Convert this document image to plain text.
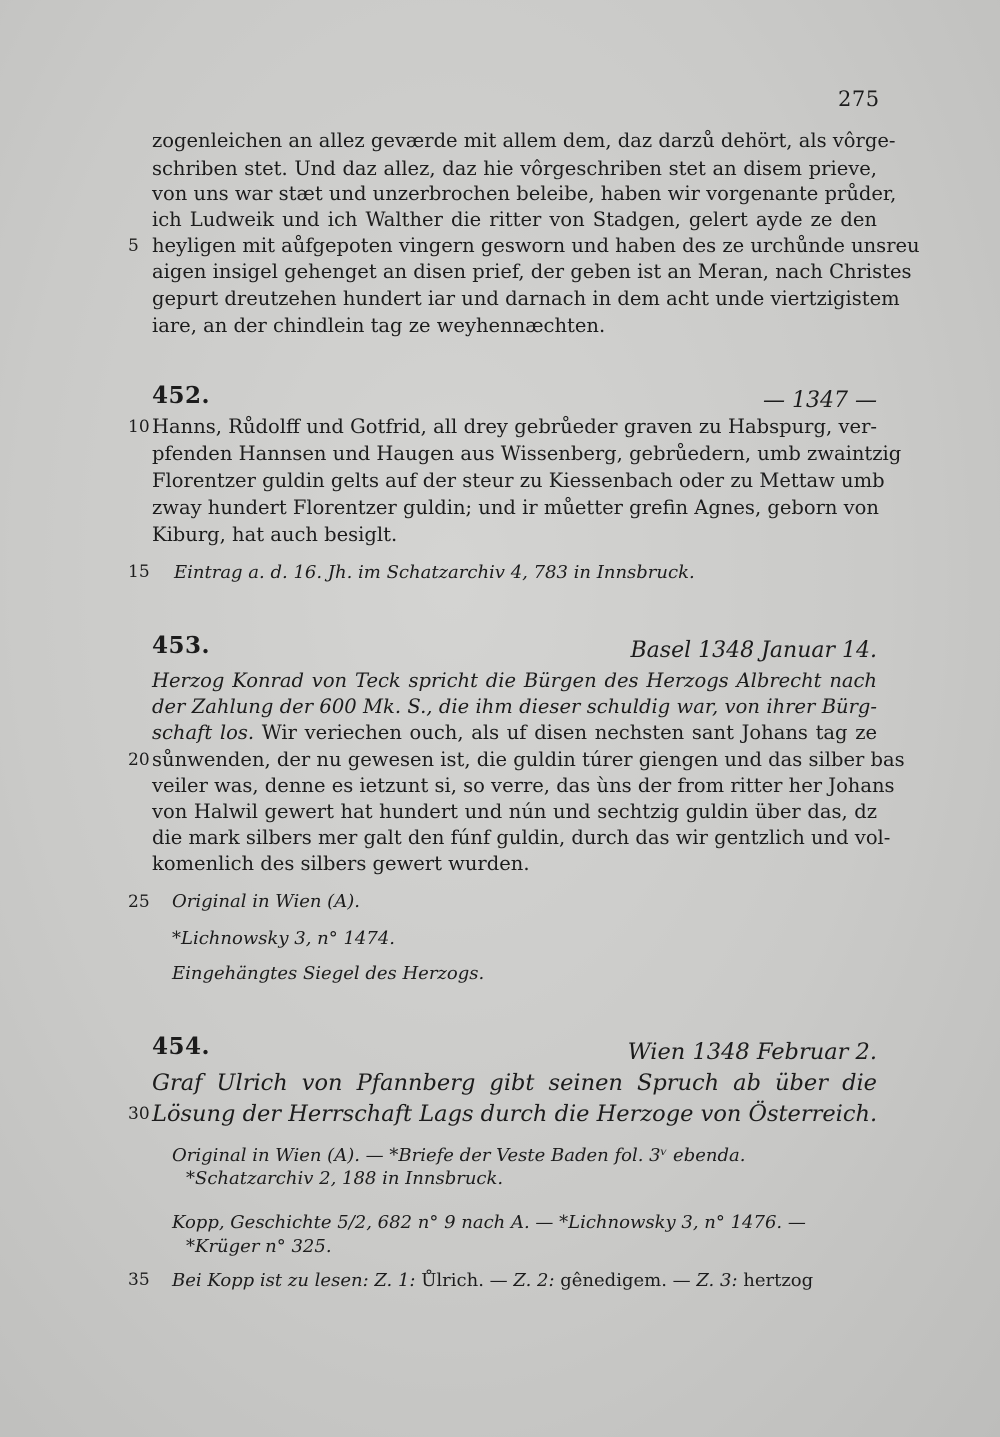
275
zogenleichen an allez geværde mit allem dem, daz darzů dehört, als vôrge-
schriben stet. Und daz allez, daz hie vôrgeschriben stet an disem prieve,
von uns war stæt und unzerbrochen beleibe, haben wir vorgenante průder,
ich Ludweik und ich Walther die ritter von Stadgen, gelert ayde ze den
5 heyligen mit aůfgepoten vingern gesworn und haben des ze urchůnde unsreu
aigen insigel gehenget an disen prief, der geben ist an Meran, nach Christes
gepurt dreutzehen hundert iar und darnach in dem acht unde viertzigistem
iare, an der chindlein tag ze weyhennæchten.
452.	— 1347 —
10 Hanns, Růdolff und Gotfrid, all drey gebrůeder graven zu Habspurg, ver-
pfenden Hannsen und Haugen aus Wissenberg, gebrůedern, umb zwaintzig
Florentzer guldin gelts auf der steur zu Kiessenbach oder zu Mettaw umb
zway hundert Florentzer guldin; und ir můetter grefin Agnes, geborn von
Kiburg, hat auch besiglt.
15 Eintrag a. d. 16. Jh. im Schatzarchiv 4, 783 in Innsbruck.
453.	Basel 1348 Januar 14.
Herzog Konrad von Teck spricht die Bürgen des Herzogs Albrecht nach
der Zahlung der 600 Mk. S., die ihm dieser schuldig war, von ihrer Bürg-
schaft los. Wir veriechen ouch, als uf disen nechsten sant Johans tag ze
20 sůnwenden, der nu gewesen ist, die guldin túrer giengen und das silber bas
veiler was, denne es ietzunt si, so verre, das ùns der from ritter her Johans
von Halwil gewert hat hundert und nún und sechtzig guldin über das, dz
die mark silbers mer galt den fúnf guldin, durch das wir gentzlich und vol-
komenlich des silbers gewert wurden.
25 Original in Wien (A).
*Lichnowsky 3, n° 1474.
Eingehängtes Siegel des Herzogs.
454.	Wien 1348 Februar 2.
Graf Ulrich von Pfannberg gibt seinen Spruch ab über die
30 Lösung der Herrschaft Lags durch die Herzoge von Österreich.
Original in Wien (A). — *Briefe der Veste Baden fol. 3ᵛ ebenda.
*Schatzarchiv 2, 188 in Innsbruck.
Kopp, Geschichte 5/2, 682 n° 9 nach A. — *Lichnowsky 3, n° 1476. —
*Krüger n° 325.
35 Bei Kopp ist zu lesen: Z. 1: Ůlrich. — Z. 2: gênedigem. — Z. 3: hertzog
